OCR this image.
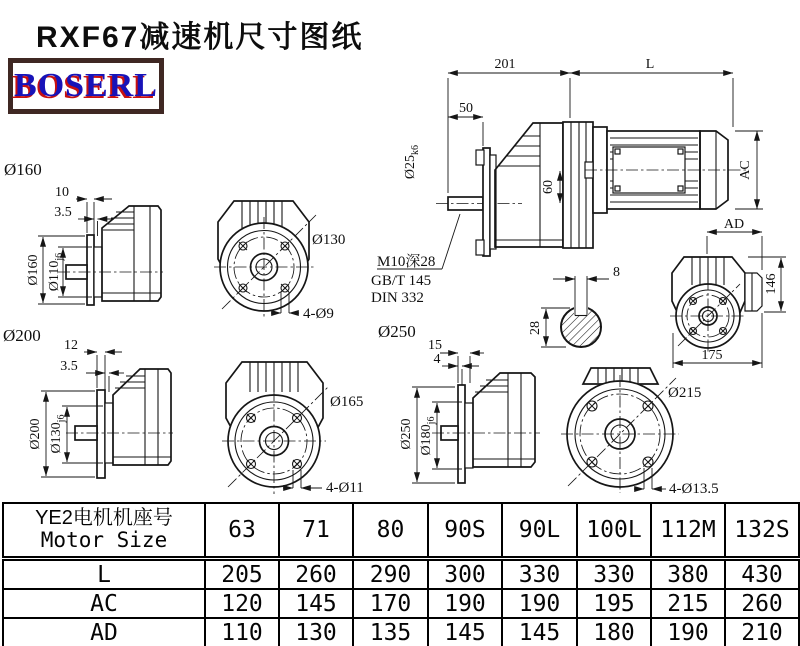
RXF67减速机尺寸图纸
BOSERL
201	L
50
$Ø25_{k6}$
60
AC
Ø160
10
3.5
Ø160 $Ø110_{j6}$
Ø130
4-Ø9
Ø200
12
3.5
Ø200 $Ø130_{j6}$
Ø165
4-Ø11
Ø250
15
4
Ø250 $Ø180_{j6}$
Ø215
4-Ø13.5
AD
146
175
8
28
M10深28
GB/T 145
DIN 332
YE2电机机座号
Motor Size	63	71	80	90S	90L	100L	112M	132S
L	205	260	290	300	330	330	380	430
AC	120	145	170	190	190	195	215	260
AD	110	130	135	145	145	180	190	210
